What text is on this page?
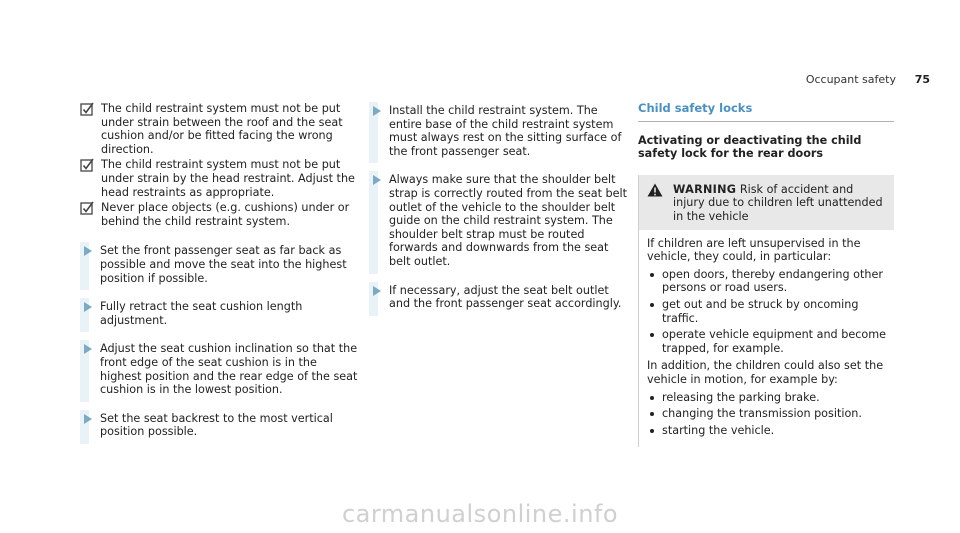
Occupant safety 75
The child restraint system must not be put under strain between the roof and the seat cushion and/or be fitted facing the wrong direction.
The child restraint system must not be put under strain by the head restraint. Adjust the head restraints as appropriate.
Never place objects (e.g. cushions) under or behind the child restraint system.
Set the front passenger seat as far back as possible and move the seat into the highest position if possible.
Fully retract the seat cushion length adjustment.
Adjust the seat cushion inclination so that the front edge of the seat cushion is in the highest position and the rear edge of the seat cushion is in the lowest position.
Set the seat backrest to the most vertical position possible.
Install the child restraint system. The entire base of the child restraint system must always rest on the sitting surface of the front passenger seat.
Always make sure that the shoulder belt strap is correctly routed from the seat belt outlet of the vehicle to the shoulder belt guide on the child restraint system. The shoulder belt strap must be routed forwards and downwards from the seat belt outlet.
If necessary, adjust the seat belt outlet and the front passenger seat accordingly.
Child safety locks
Activating or deactivating the child safety lock for the rear doors
WARNING Risk of accident and injury due to children left unattended in the vehicle

If children are left unsupervised in the vehicle, they could, in particular:

open doors, thereby endangering other persons or road users.
get out and be struck by oncoming traffic.
operate vehicle equipment and become trapped, for example.

In addition, the children could also set the vehicle in motion, for example by:

releasing the parking brake.
changing the transmission position.
starting the vehicle.
carmanualsonline.info
